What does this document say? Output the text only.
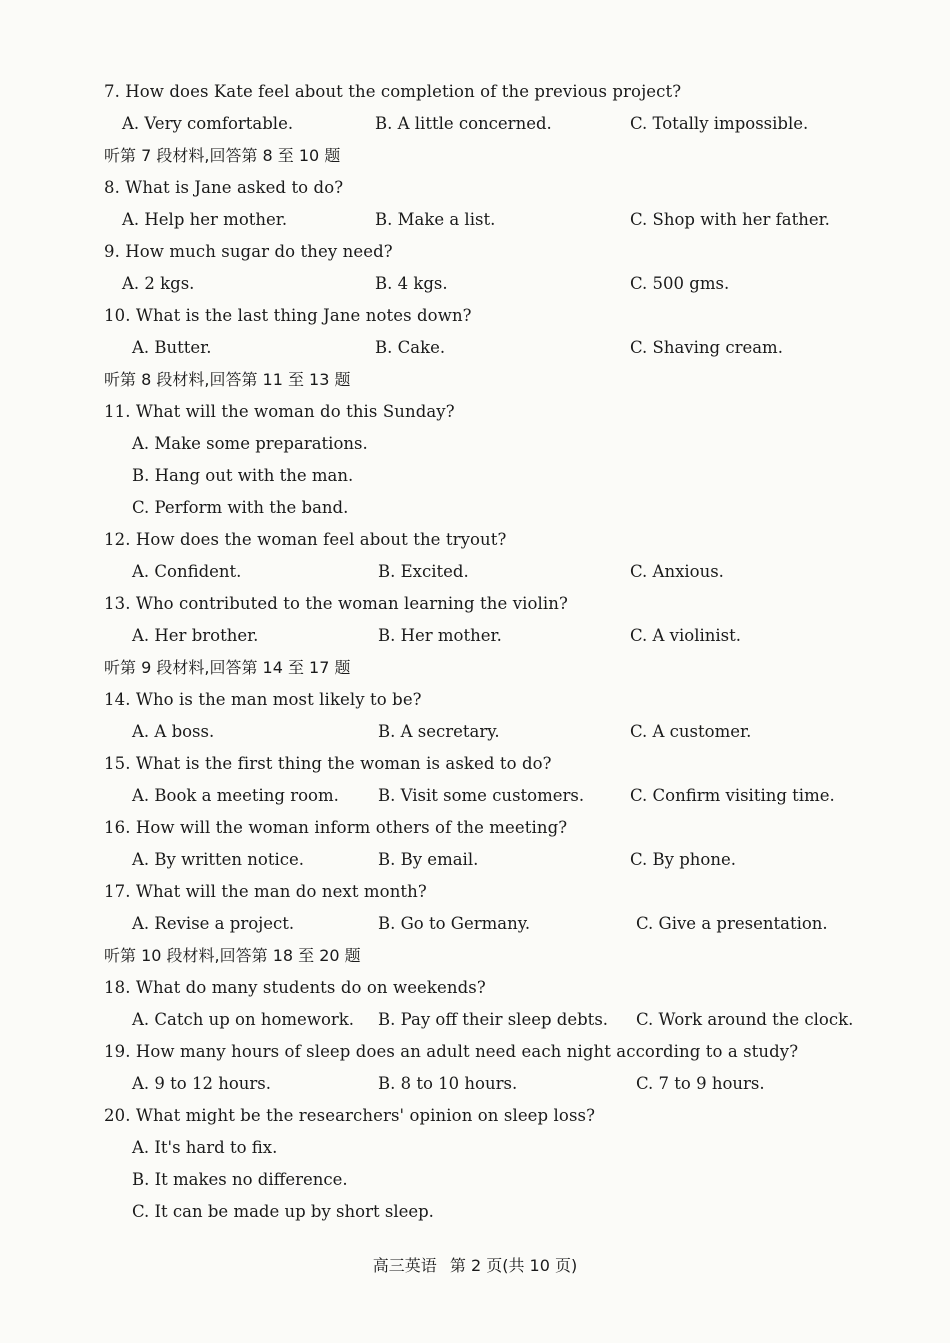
7. How does Kate feel about the completion of the previous project?
A. Very comfortable.	B. A little concerned.	C. Totally impossible.
听第 7 段材料,回答第 8 至 10 题
8. What is Jane asked to do?
A. Help her mother.	B. Make a list.	C. Shop with her father.
9. How much sugar do they need?
A. 2 kgs.	B. 4 kgs.	C. 500 gms.
10. What is the last thing Jane notes down?
A. Butter.	B. Cake.	C. Shaving cream.
听第 8 段材料,回答第 11 至 13 题
11. What will the woman do this Sunday?
A. Make some preparations.
B. Hang out with the man.
C. Perform with the band.
12. How does the woman feel about the tryout?
A. Confident.	B. Excited.	C. Anxious.
13. Who contributed to the woman learning the violin?
A. Her brother.	B. Her mother.	C. A violinist.
听第 9 段材料,回答第 14 至 17 题
14. Who is the man most likely to be?
A. A boss.	B. A secretary.	C. A customer.
15. What is the first thing the woman is asked to do?
A. Book a meeting room. B. Visit some customers.	C. Confirm visiting time.
16. How will the woman inform others of the meeting?
A. By written notice.	B. By email.	C. By phone.
17. What will the man do next month?
A. Revise a project.	B. Go to Germany.	C. Give a presentation.
听第 10 段材料,回答第 18 至 20 题
18. What do many students do on weekends?
A. Catch up on homework. B. Pay off their sleep debts. C. Work around the clock.
19. How many hours of sleep does an adult need each night according to a study?
A. 9 to 12 hours.	B. 8 to 10 hours.	C. 7 to 9 hours.
20. What might be the researchers' opinion on sleep loss?
A. It's hard to fix.
B. It makes no difference.
C. It can be made up by short sleep.
高三英语 第 2 页(共 10 页)
